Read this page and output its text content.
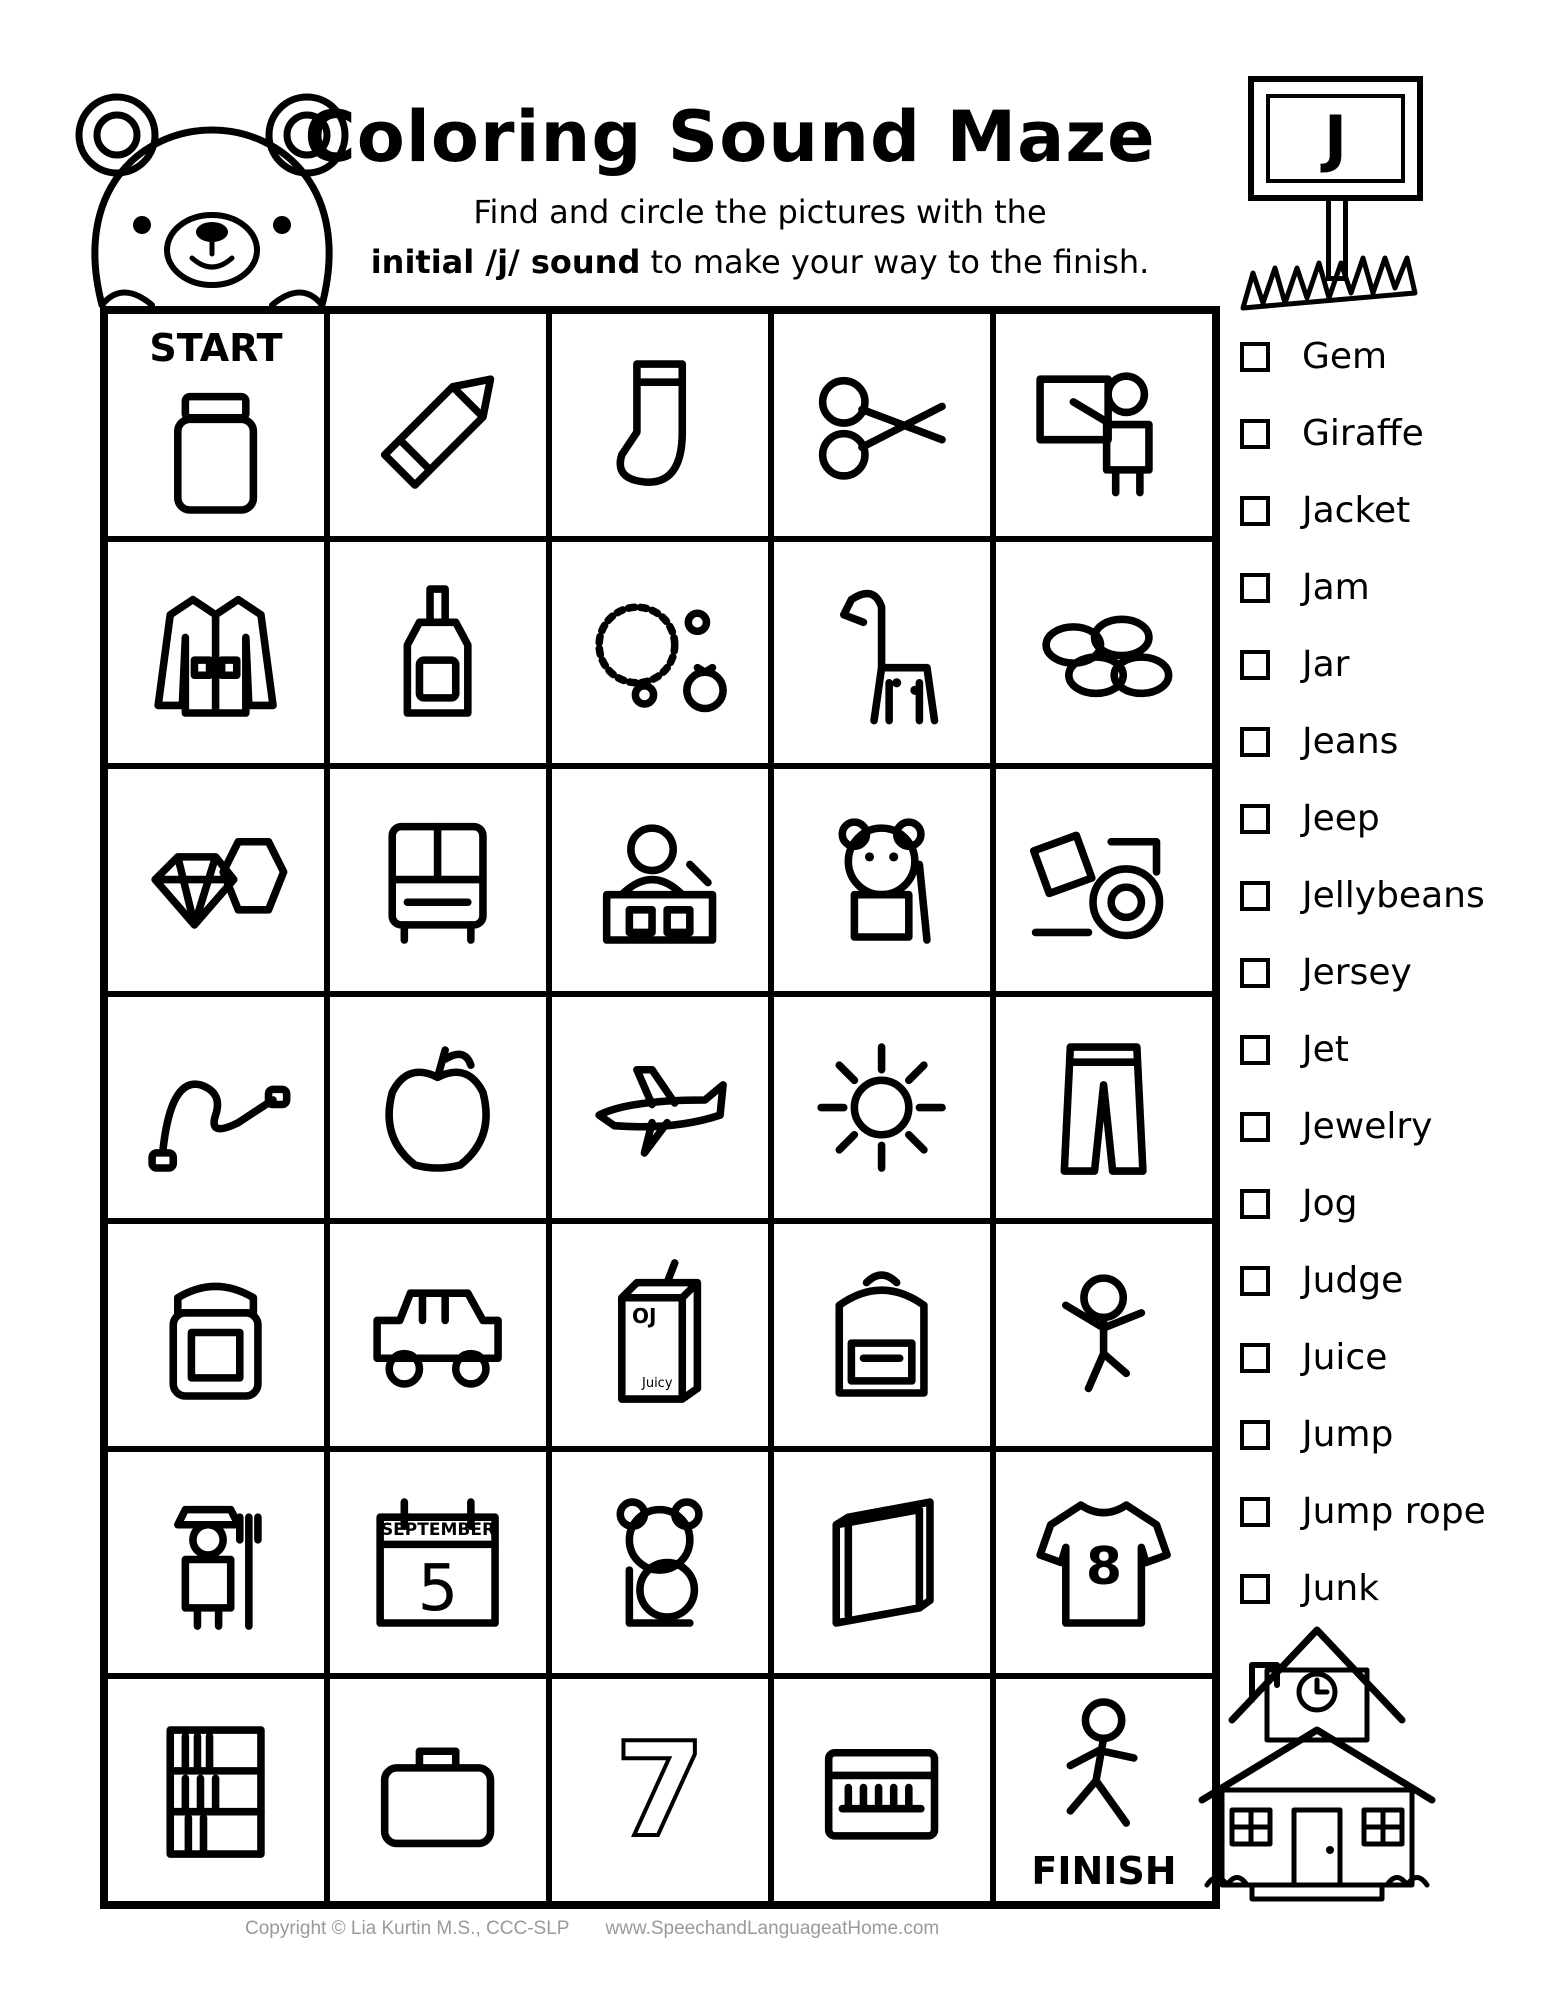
Coloring Sound Maze
Find and circle the pictures with the
initial /j/ sound to make your way to the finish.
J
START
OJ
Juicy
SEPTEMBER
5	8
7
FINISH
Gem
Giraffe
Jacket
Jam
Jar
Jeans
Jeep
Jellybeans
Jersey
Jet
Jewelry
Jog
Judge
Juice
Jump
Jump rope
Junk
Copyright © Lia Kurtin M.S., CCC-SLP www.SpeechandLanguageatHome.com
